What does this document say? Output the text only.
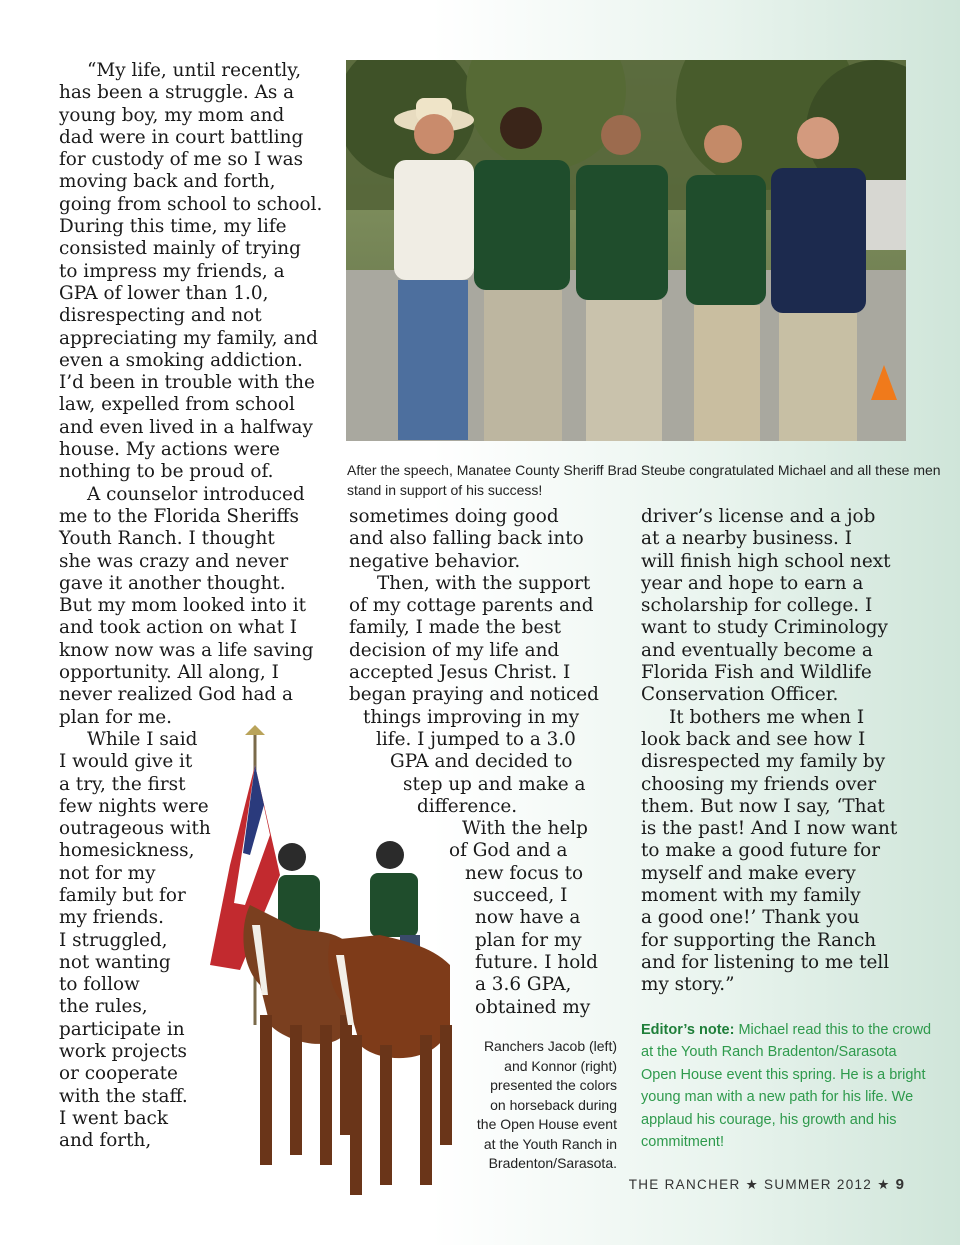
“My life, until recently,
has been a struggle. As a
young boy, my mom and
dad were in court battling
for custody of me so I was
moving back and forth,
going from school to school.
During this time, my life
consisted mainly of trying
to impress my friends, a
GPA of lower than 1.0,
disrespecting and not
appreciating my family, and
even a smoking addiction.
I’d been in trouble with the
law, expelled from school
and even lived in a halfway
house. My actions were
nothing to be proud of.
A counselor introduced
me to the Florida Sheriffs
Youth Ranch. I thought
she was crazy and never
gave it another thought.
But my mom looked into it
and took action on what I
know now was a life saving
opportunity. All along, I
never realized God had a
plan for me.
While I said
I would give it
a try, the first
few nights were
outrageous with
homesickness,
not for my
family but for
my friends.
I struggled,
not wanting
to follow
the rules,
participate in
work projects
or cooperate
with the staff.
I went back
and forth,
After the speech, Manatee County Sheriff Brad Steube congratulated Michael and all these men
stand in support of his success!
sometimes doing good
and also falling back into
negative behavior.
Then, with the support
of my cottage parents and
family, I made the best
decision of my life and
accepted Jesus Christ. I
began praying and noticed
things improving in my
life. I jumped to a 3.0
GPA and decided to
step up and make a
difference.
With the help
of God and a
new focus to
succeed, I
now have a
plan for my
future. I hold
a 3.6 GPA,
obtained my
driver’s license and a job
at a nearby business. I
will finish high school next
year and hope to earn a
scholarship for college. I
want to study Criminology
and eventually become a
Florida Fish and Wildlife
Conservation Officer.
It bothers me when I
look back and see how I
disrespected my family by
choosing my friends over
them. But now I say, ‘That
is the past! And I now want
to make a good future for
myself and make every
moment with my family
a good one!’ Thank you
for supporting the Ranch
and for listening to me tell
my story.”
Ranchers Jacob (left)
and Konnor (right)
presented the colors
on horseback during
the Open House event
at the Youth Ranch in
Bradenton/Sarasota.
Editor’s note: Michael read this to the crowd
at the Youth Ranch Bradenton/Sarasota
Open House event this spring. He is a bright
young man with a new path for his life. We
applaud his courage, his growth and his
commitment!
THE RANCHER ★ SUMMER 2012 ★ 9
